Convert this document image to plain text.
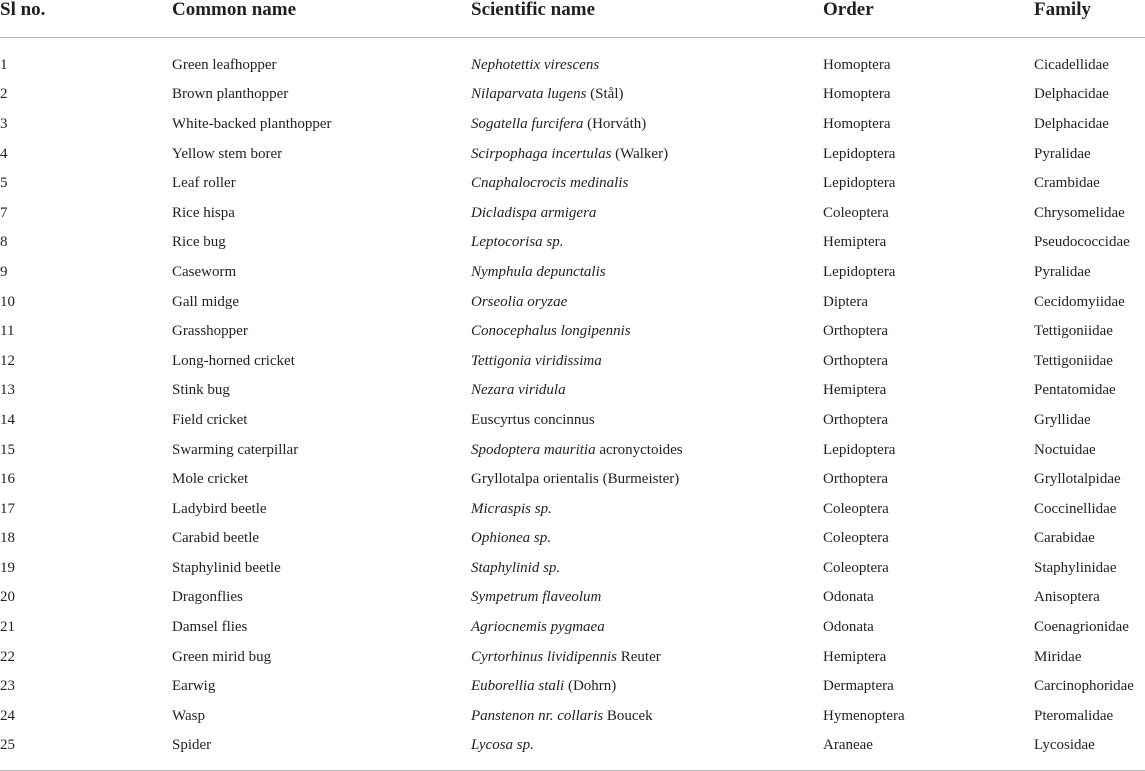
Sl no.	Common name	Scientific name	Order	Family

1	Green leafhopper	Nephotettix virescens	Homoptera	Cicadellidae
2	Brown planthopper	Nilaparvata lugens (Stål)	Homoptera	Delphacidae
3	White-backed planthopper	Sogatella furcifera (Horváth)	Homoptera	Delphacidae
4	Yellow stem borer	Scirpophaga incertulas (Walker)	Lepidoptera	Pyralidae
5	Leaf roller	Cnaphalocrocis medinalis	Lepidoptera	Crambidae
7	Rice hispa	Dicladispa armigera	Coleoptera	Chrysomelidae
8	Rice bug	Leptocorisa sp.	Hemiptera	Pseudococcidae
9	Caseworm	Nymphula depunctalis	Lepidoptera	Pyralidae
10	Gall midge	Orseolia oryzae	Diptera	Cecidomyiidae
11	Grasshopper	Conocephalus longipennis	Orthoptera	Tettigoniidae
12	Long-horned cricket	Tettigonia viridissima	Orthoptera	Tettigoniidae
13	Stink bug	Nezara viridula	Hemiptera	Pentatomidae
14	Field cricket	Euscyrtus concinnus	Orthoptera	Gryllidae
15	Swarming caterpillar	Spodoptera mauritia acronyctoides	Lepidoptera	Noctuidae
16	Mole cricket	Gryllotalpa orientalis (Burmeister)	Orthoptera	Gryllotalpidae
17	Ladybird beetle	Micraspis sp.	Coleoptera	Coccinellidae
18	Carabid beetle	Ophionea sp.	Coleoptera	Carabidae
19	Staphylinid beetle	Staphylinid sp.	Coleoptera	Staphylinidae
20	Dragonflies	Sympetrum flaveolum	Odonata	Anisoptera
21	Damsel flies	Agriocnemis pygmaea	Odonata	Coenagrionidae
22	Green mirid bug	Cyrtorhinus lividipennis Reuter	Hemiptera	Miridae
23	Earwig	Euborellia stali (Dohrn)	Dermaptera	Carcinophoridae
24	Wasp	Panstenon nr. collaris Boucek	Hymenoptera	Pteromalidae
25	Spider	Lycosa sp.	Araneae	Lycosidae
